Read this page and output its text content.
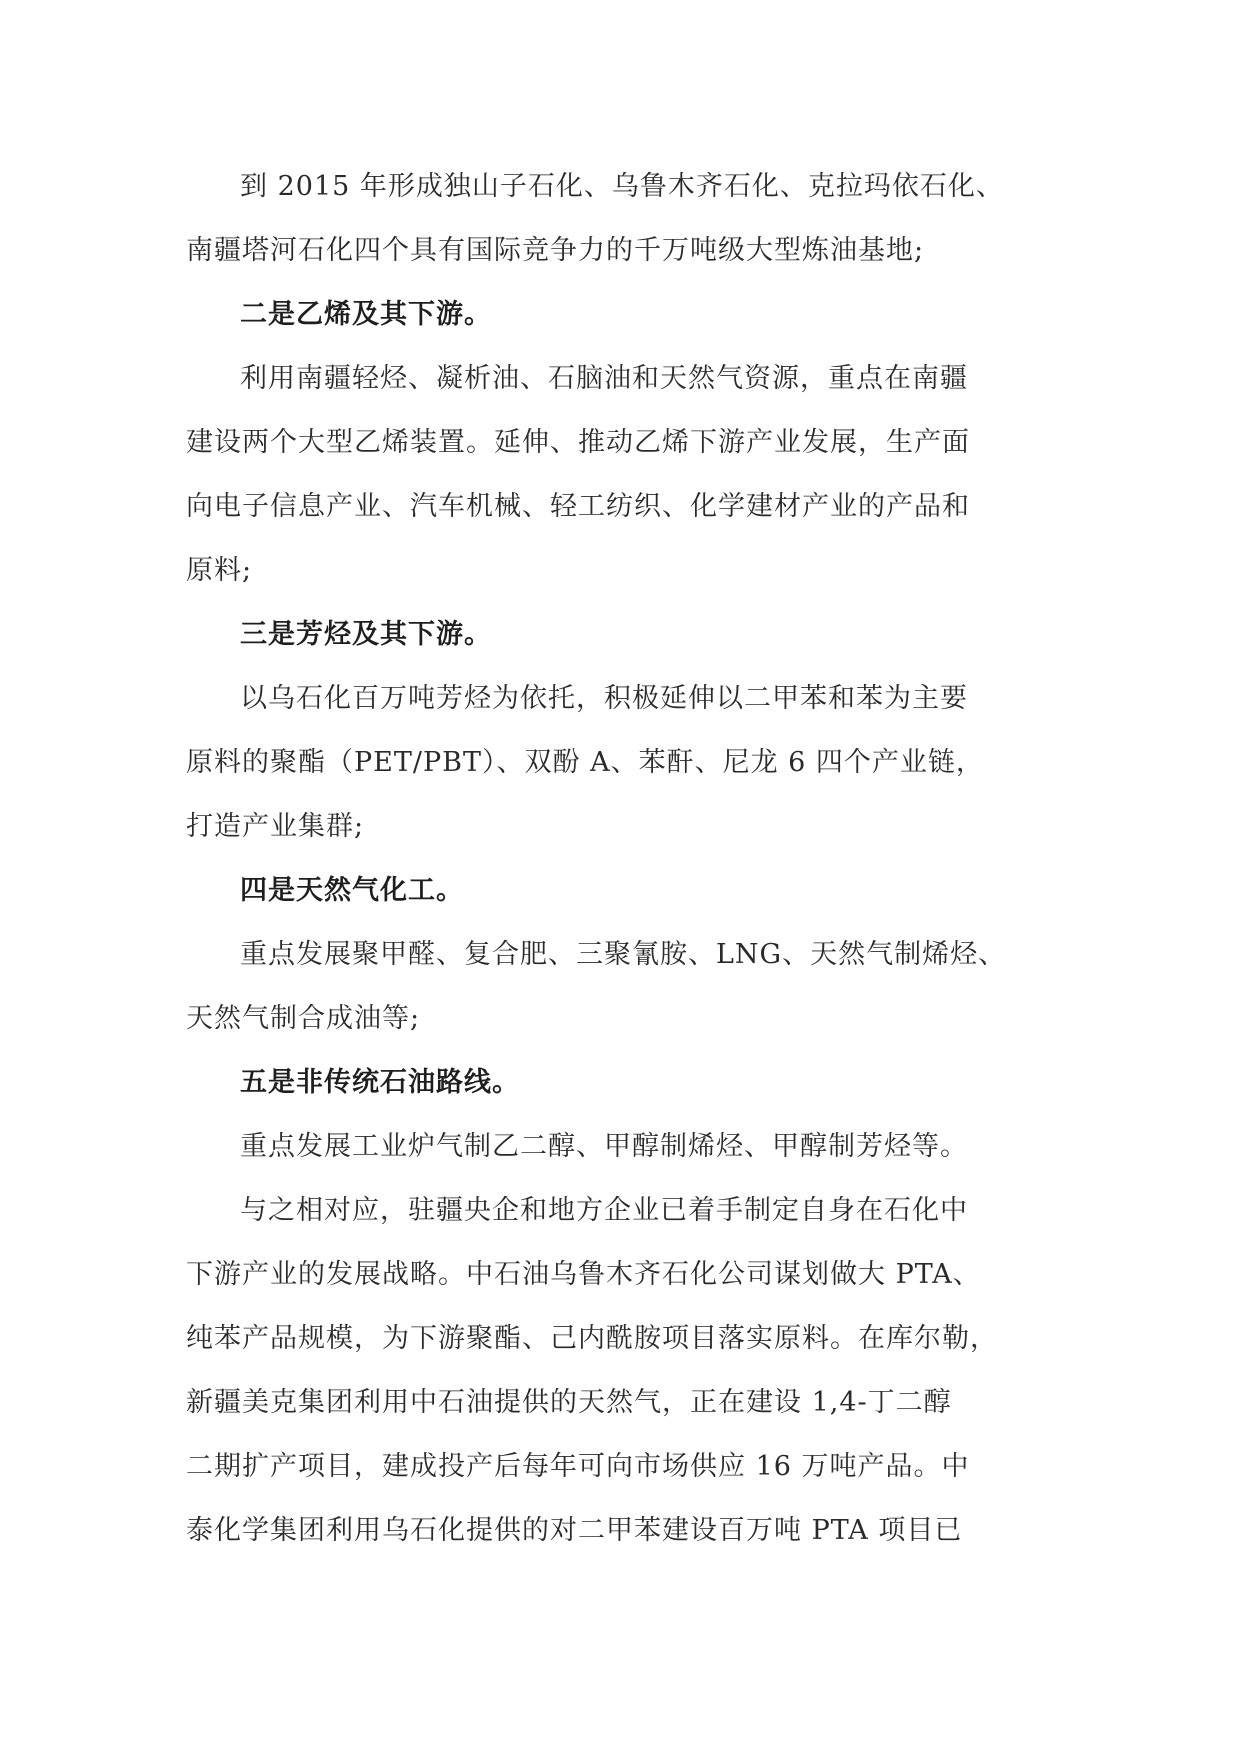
到 2015 年形成独山子石化、乌鲁木齐石化、克拉玛依石化、
南疆塔河石化四个具有国际竞争力的千万吨级大型炼油基地;
二是乙烯及其下游。
利用南疆轻烃、凝析油、石脑油和天然气资源，重点在南疆
建设两个大型乙烯装置。延伸、推动乙烯下游产业发展，生产面
向电子信息产业、汽车机械、轻工纺织、化学建材产业的产品和
原料;
三是芳烃及其下游。
以乌石化百万吨芳烃为依托，积极延伸以二甲苯和苯为主要
原料的聚酯（PET/PBT）、双酚 A、苯酐、尼龙 6 四个产业链，
打造产业集群;
四是天然气化工。
重点发展聚甲醛、复合肥、三聚氰胺、LNG、天然气制烯烃、
天然气制合成油等;
五是非传统石油路线。
重点发展工业炉气制乙二醇、甲醇制烯烃、甲醇制芳烃等。
与之相对应，驻疆央企和地方企业已着手制定自身在石化中
下游产业的发展战略。中石油乌鲁木齐石化公司谋划做大 PTA、
纯苯产品规模，为下游聚酯、己内酰胺项目落实原料。在库尔勒，
新疆美克集团利用中石油提供的天然气，正在建设 1,4-丁二醇
二期扩产项目，建成投产后每年可向市场供应 16 万吨产品。中
泰化学集团利用乌石化提供的对二甲苯建设百万吨 PTA 项目已
